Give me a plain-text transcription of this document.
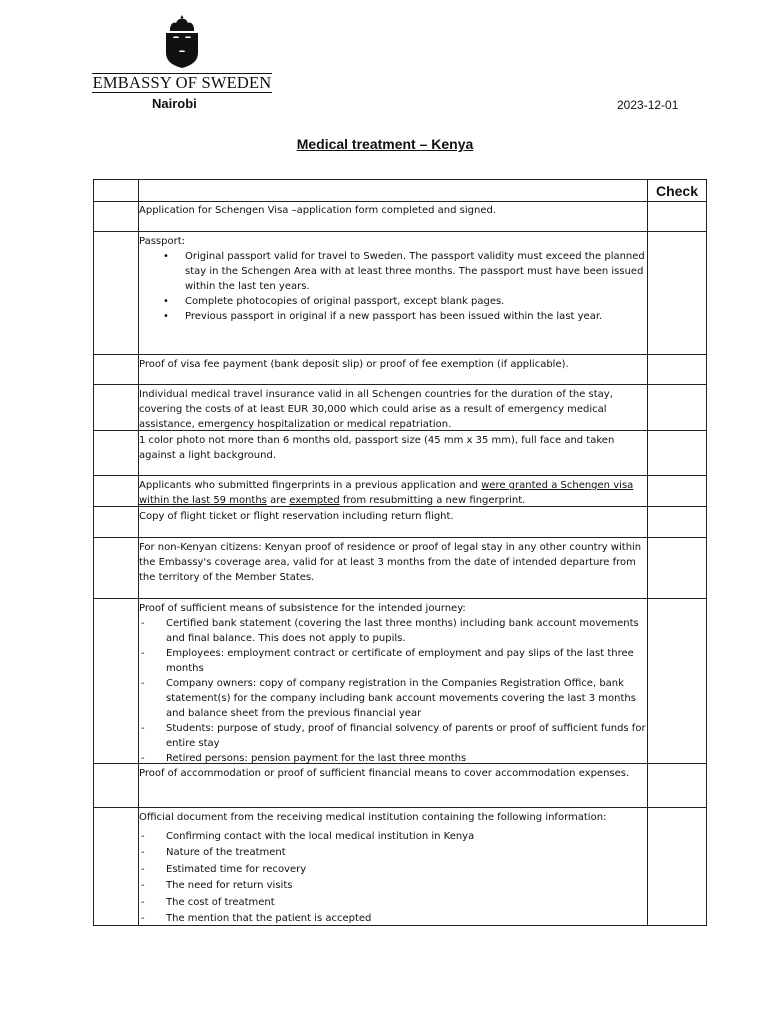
EMBASSY OF SWEDEN
Nairobi	2023-12-01
Medical treatment – Kenya
Check
Application for Schengen Visa –application form completed and signed.
Passport:
• Original passport valid for travel to Sweden. The passport validity must exceed the planned stay in the Schengen Area with at least three months. The passport must have been issued within the last ten years.
• Complete photocopies of original passport, except blank pages.
• Previous passport in original if a new passport has been issued within the last year.
Proof of visa fee payment (bank deposit slip) or proof of fee exemption (if applicable).
Individual medical travel insurance valid in all Schengen countries for the duration of the stay, covering the costs of at least EUR 30,000 which could arise as a result of emergency medical assistance, emergency hospitalization or medical repatriation.
1 color photo not more than 6 months old, passport size (45 mm x 35 mm), full face and taken against a light background.
Applicants who submitted fingerprints in a previous application and were granted a Schengen visa within the last 59 months are exempted from resubmitting a new fingerprint.
Copy of flight ticket or flight reservation including return flight.
For non-Kenyan citizens: Kenyan proof of residence or proof of legal stay in any other country within the Embassy's coverage area, valid for at least 3 months from the date of intended departure from the territory of the Member States.
Proof of sufficient means of subsistence for the intended journey:
- Certified bank statement (covering the last three months) including bank account movements and final balance. This does not apply to pupils.
- Employees: employment contract or certificate of employment and pay slips of the last three months
- Company owners: copy of company registration in the Companies Registration Office, bank statement(s) for the company including bank account movements covering the last 3 months and balance sheet from the previous financial year
- Students: purpose of study, proof of financial solvency of parents or proof of sufficient funds for entire stay
- Retired persons: pension payment for the last three months
Proof of accommodation or proof of sufficient financial means to cover accommodation expenses.
Official document from the receiving medical institution containing the following information:
- Confirming contact with the local medical institution in Kenya
- Nature of the treatment
- Estimated time for recovery
- The need for return visits
- The cost of treatment
- The mention that the patient is accepted
